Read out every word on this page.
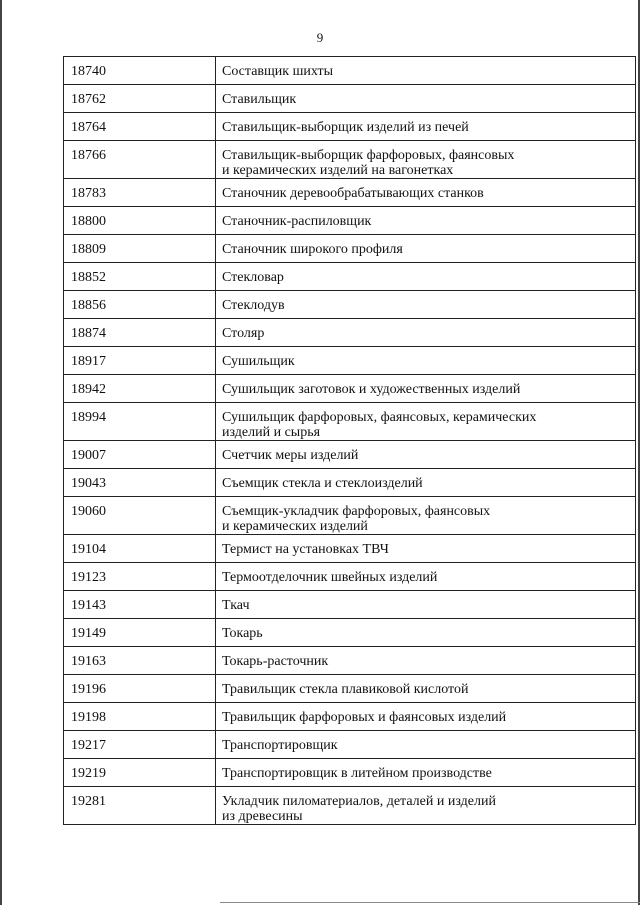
9
18740	Составщик шихты
18762	Ставильщик
18764	Ставильщик-выборщик изделий из печей
18766	Ставильщик-выборщик фарфоровых, фаянсовых
и керамических изделий на вагонетках
18783	Станочник деревообрабатывающих станков
18800	Станочник-распиловщик
18809	Станочник широкого профиля
18852	Стекловар
18856	Стеклодув
18874	Столяр
18917	Сушильщик
18942	Сушильщик заготовок и художественных изделий
18994	Сушильщик фарфоровых, фаянсовых, керамических
изделий и сырья
19007	Счетчик меры изделий
19043	Съемщик стекла и стеклоизделий
19060	Съемщик-укладчик фарфоровых, фаянсовых
и керамических изделий
19104	Термист на установках ТВЧ
19123	Термоотделочник швейных изделий
19143	Ткач
19149	Токарь
19163	Токарь-расточник
19196	Травильщик стекла плавиковой кислотой
19198	Травильщик фарфоровых и фаянсовых изделий
19217	Транспортировщик
19219	Транспортировщик в литейном производстве
19281	Укладчик пиломатериалов, деталей и изделий
из древесины
